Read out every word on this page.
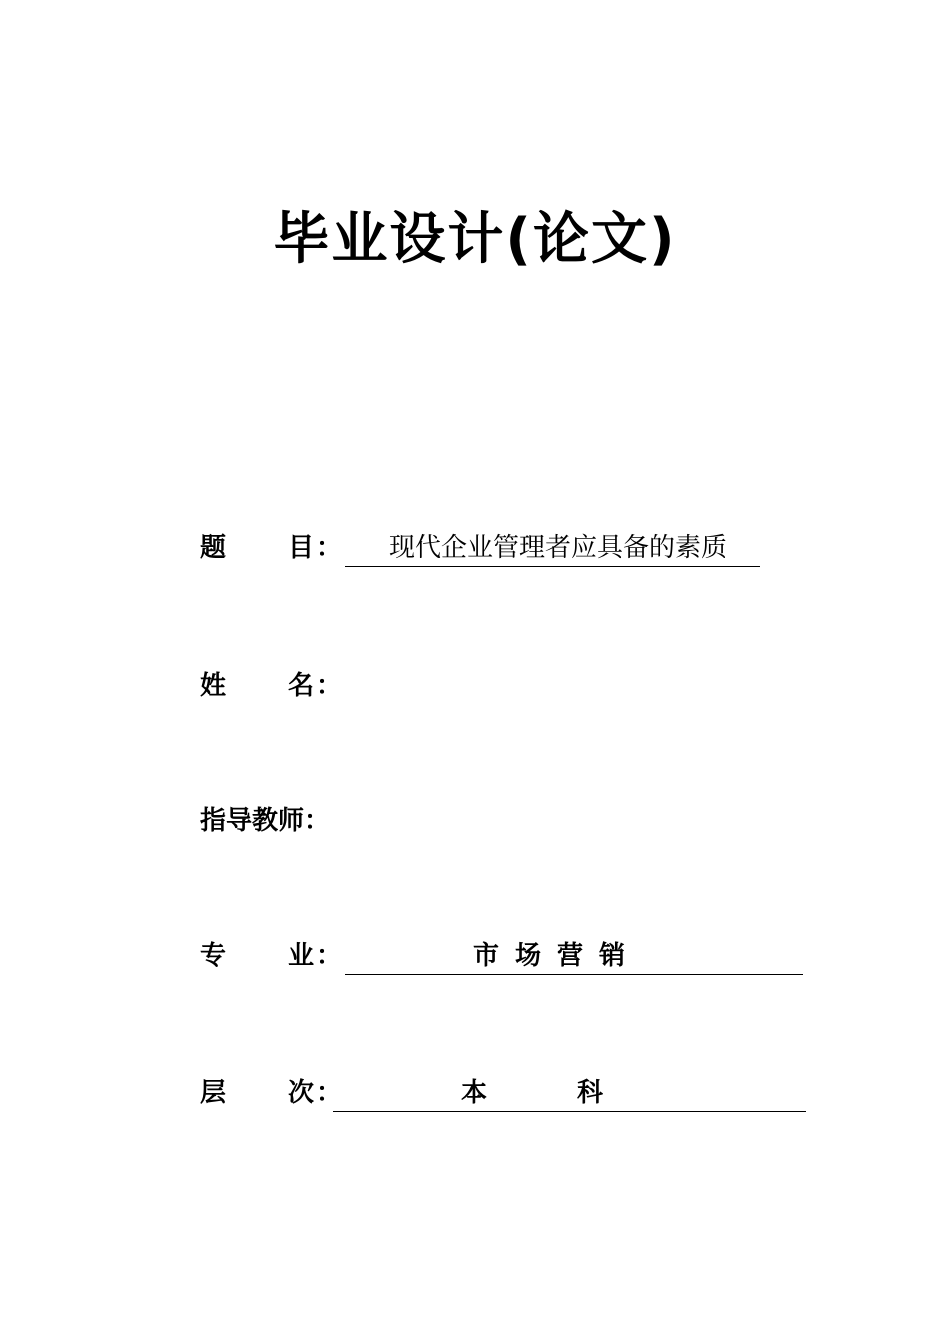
毕业设计(论文)
题 目 ： 现代企业管理者应具备的素质
姓 名 ：
指导教师：
专 业 ：	市场营销
层 次 ：	本	科
